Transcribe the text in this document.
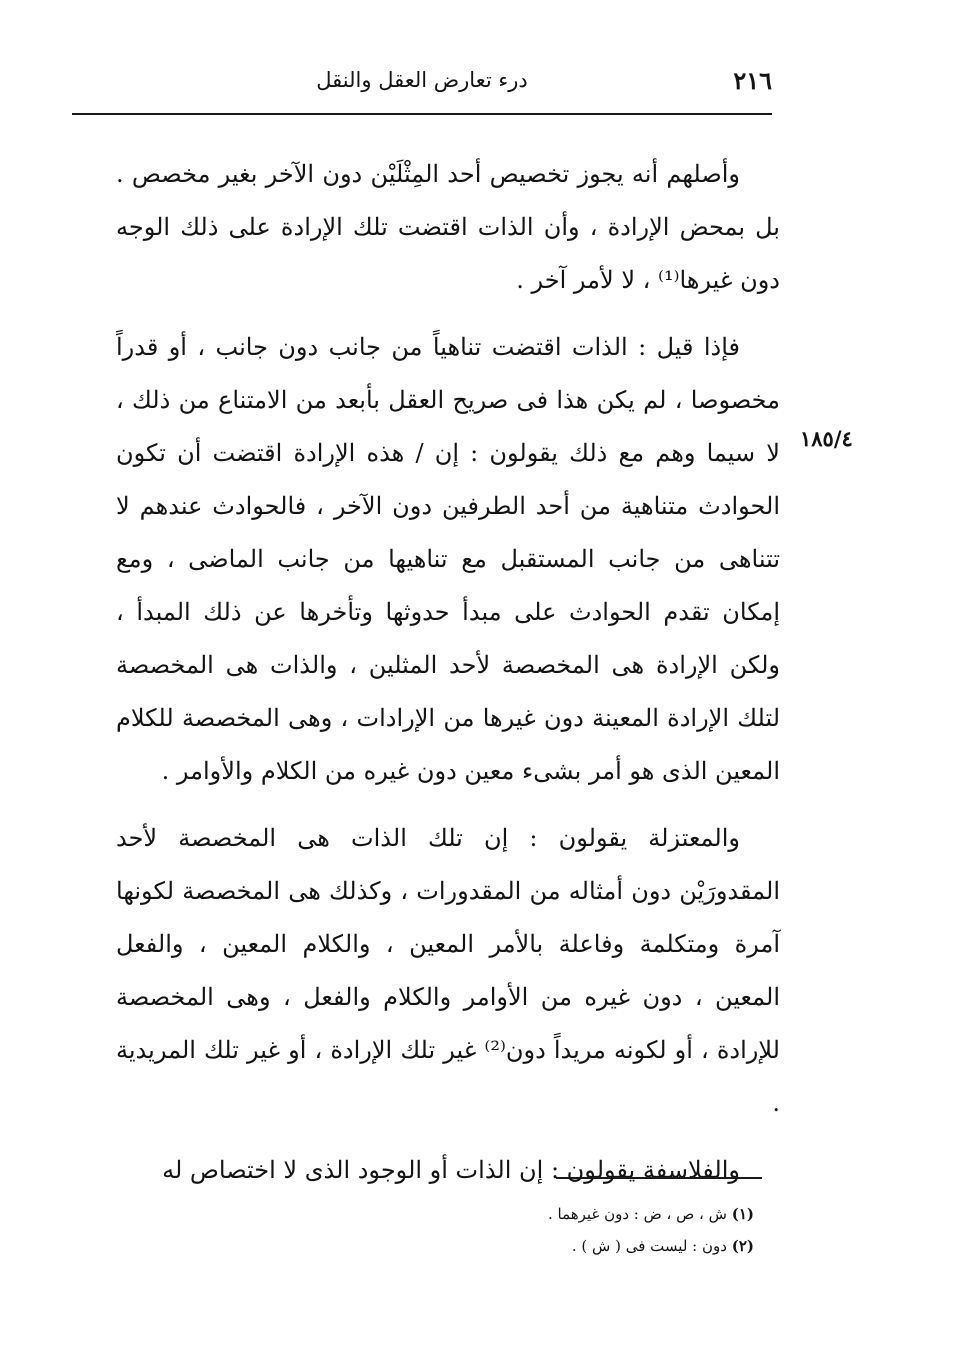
٢١٦
درء تعارض العقل والنقل
١٨٥/٤

وأصلهم أنه يجوز تخصيص أحد المِثْلَيْن دون الآخر بغير مخصص . بل بمحض الإرادة ، وأن الذات اقتضت تلك الإرادة على ذلك الوجه دون غيرها⁽¹⁾ ، لا لأمر آخر .

فإذا قيل : الذات اقتضت تناهياً من جانب دون جانب ، أو قدراً مخصوصا ، لم يكن هذا فى صريح العقل بأبعد من الامتناع من ذلك ، لا سيما وهم مع ذلك يقولون : إن / هذه الإرادة اقتضت أن تكون الحوادث متناهية من أحد الطرفين دون الآخر ، فالحوادث عندهم لا تتناهى من جانب المستقبل مع تناهيها من جانب الماضى ، ومع إمكان تقدم الحوادث على مبدأ حدوثها وتأخرها عن ذلك المبدأ ، ولكن الإرادة هى المخصصة لأحد المثلين ، والذات هى المخصصة لتلك الإرادة المعينة دون غيرها من الإرادات ، وهى المخصصة للكلام المعين الذى هو أمر بشىء معين دون غيره من الكلام والأوامر .

والمعتزلة يقولون : إن تلك الذات هى المخصصة لأحد المقدورَيْن دون أمثاله من المقدورات ، وكذلك هى المخصصة لكونها آمرة ومتكلمة وفاعلة بالأمر المعين ، والكلام المعين ، والفعل المعين ، دون غيره من الأوامر والكلام والفعل ، وهى المخصصة للإرادة ، أو لكونه مريداً دون⁽²⁾ غير تلك الإرادة ، أو غير تلك المريدية .

والفلاسفة يقولون : إن الذات أو الوجود الذى لا اختصاص له

(١) ش ، ص ، ض : دون غيرهما .

(٢) دون : ليست فى ( ش ) .
